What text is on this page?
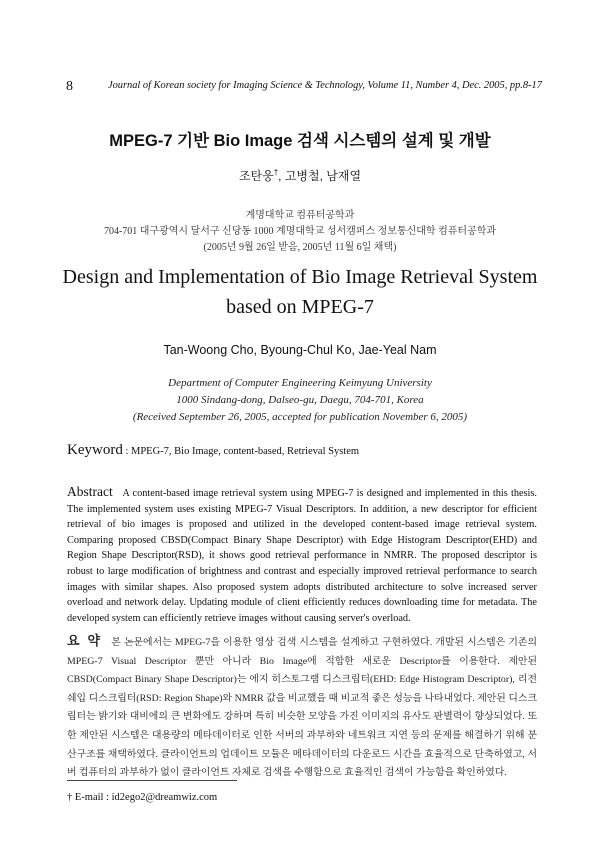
8	Journal of Korean society for Imaging Science & Technology, Volume 11, Number 4, Dec. 2005, pp.8-17
MPEG-7 기반 Bio Image 검색 시스템의 설계 및 개발
조탄웅†, 고병철, 남재열
계명대학교 컴퓨터공학과
704-701 대구광역시 달서구 신당동 1000 계명대학교 성서캠퍼스 정보통신대학 컴퓨터공학과
(2005년 9월 26일 받음, 2005년 11월 6일 채택)
Design and Implementation of Bio Image Retrieval System based on MPEG-7
Tan-Woong Cho, Byoung-Chul Ko, Jae-Yeal Nam
Department of Computer Engineering Keimyung University
1000 Sindang-dong, Dalseo-gu, Daegu, 704-701, Korea
(Received September 26, 2005, accepted for publication November 6, 2005)
Keyword : MPEG-7, Bio Image, content-based, Retrieval System
Abstract A content-based image retrieval system using MPEG-7 is designed and implemented in this thesis. The implemented system uses existing MPEG-7 Visual Descriptors. In addition, a new descriptor for efficient retrieval of bio images is proposed and utilized in the developed content-based image retrieval system. Comparing proposed CBSD(Compact Binary Shape Descriptor) with Edge Histogram Descriptor(EHD) and Region Shape Descriptor(RSD), it shows good retrieval performance in NMRR. The proposed descriptor is robust to large modification of brightness and contrast and especially improved retrieval performance to search images with similar shapes. Also proposed system adopts distributed architecture to solve increased server overload and network delay. Updating module of client efficiently reduces downloading time for metadata. The developed system can efficiently retrieve images without causing server's overload.
요약 본 논문에서는 MPEG-7을 이용한 영상 검색 시스템을 설계하고 구현하였다. 개발된 시스템은 기존의 MPEG-7 Visual Descriptor 뿐만 아니라 Bio Image에 적합한 새로운 Descriptor를 이용한다. 제안된 CBSD(Compact Binary Shape Descriptor)는 에지 히스토그램 디스크립터(EHD: Edge Histogram Descriptor), 리전 쉐입 디스크립터(RSD: Region Shape)와 NMRR 값을 비교했을 때 비교적 좋은 성능을 나타내었다. 제안된 디스크립터는 밝기와 대비에의 큰 변화에도 강하며 특히 비슷한 모양을 가진 이미지의 유사도 판별력이 향상되었다. 또한 제안된 시스템은 대용량의 메타데이터로 인한 서버의 과부하와 네트워크 지연 등의 문제를 해결하기 위해 분산구조를 채택하였다. 클라이언트의 업데이트 모듈은 메타데이터의 다운로드 시간을 효율적으로 단축하였고, 서버 컴퓨터의 과부하가 없이 클라이언트 자체로 검색을 수행함으로 효율적인 검색이 가능함을 확인하였다.
† E-mail : id2ego2@dreamwiz.com
